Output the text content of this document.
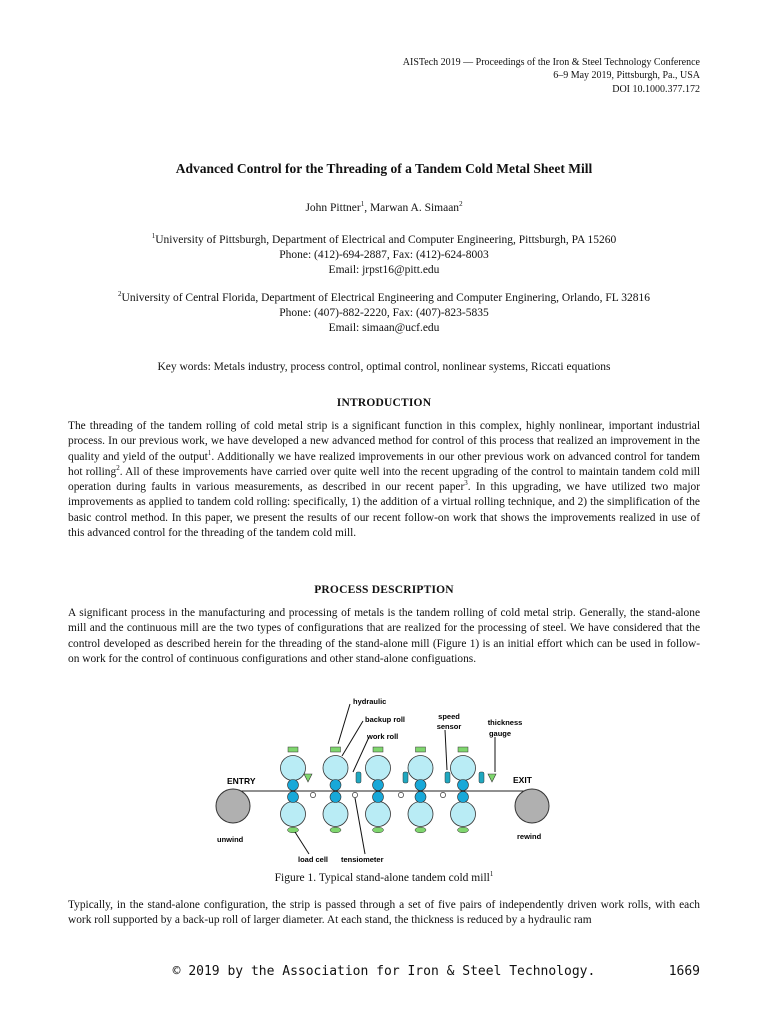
AISTech 2019 — Proceedings of the Iron & Steel Technology Conference
6–9 May 2019, Pittsburgh, Pa., USA
DOI 10.1000.377.172
Advanced Control for the Threading of a Tandem Cold Metal Sheet Mill
John Pittner$^1$, Marwan A. Simaan$^2$
$^1$University of Pittsburgh, Department of Electrical and Computer Engineering, Pittsburgh, PA 15260
Phone: (412)-694-2887, Fax: (412)-624-8003
Email: jrpst16@pitt.edu
$^2$University of Central Florida, Department of Electrical Engineering and Computer Enginering, Orlando, FL 32816
Phone: (407)-882-2220, Fax: (407)-823-5835
Email: simaan@ucf.edu
Key words: Metals industry, process control, optimal control, nonlinear systems, Riccati equations
INTRODUCTION
The threading of the tandem rolling of cold metal strip is a significant function in this complex, highly nonlinear, important industrial process. In our previous work, we have developed a new advanced method for control of this process that realized an improvement in the quality and yield of the output$^1$. Additionally we have realized improvements in our other previous work on advanced control for tandem hot rolling$^2$. All of these improvements have carried over quite well into the recent upgrading of the control to maintain tandem cold mill operation during faults in various measurements, as described in our recent paper$^3$. In this upgrading, we have utilized two major improvements as applied to tandem cold rolling: specifically, 1) the addition of a virtual rolling technique, and 2) the simplification of the basic control method. In this paper, we present the results of our recent follow-on work that shows the improvements realized in use of this advanced control for the threading of the tandem cold mill.
PROCESS DESCRIPTION
A significant process in the manufacturing and processing of metals is the tandem rolling of cold metal strip. Generally, the stand-alone mill and the continuous mill are the two types of configurations that are realized for the processing of steel. We have considered that the control developed as described herein for the threading of the stand-alone mill (Figure 1) is an initial effort which can be used in follow-on work for the control of continuous configurations and other stand-alone configuations.
hydraulic
backup roll
work roll
speed
sensor	thickness
gauge
ENTRY	EXIT
unwind	rewind
load cell tensiometer
Figure 1. Typical stand-alone tandem cold mill$^1$
Typically, in the stand-alone configuration, the strip is passed through a set of five pairs of independently driven work rolls, with each work roll supported by a back-up roll of larger diameter. At each stand, the thickness is reduced by a hydraulic ram
© 2019 by the Association for Iron & Steel Technology.	1669
